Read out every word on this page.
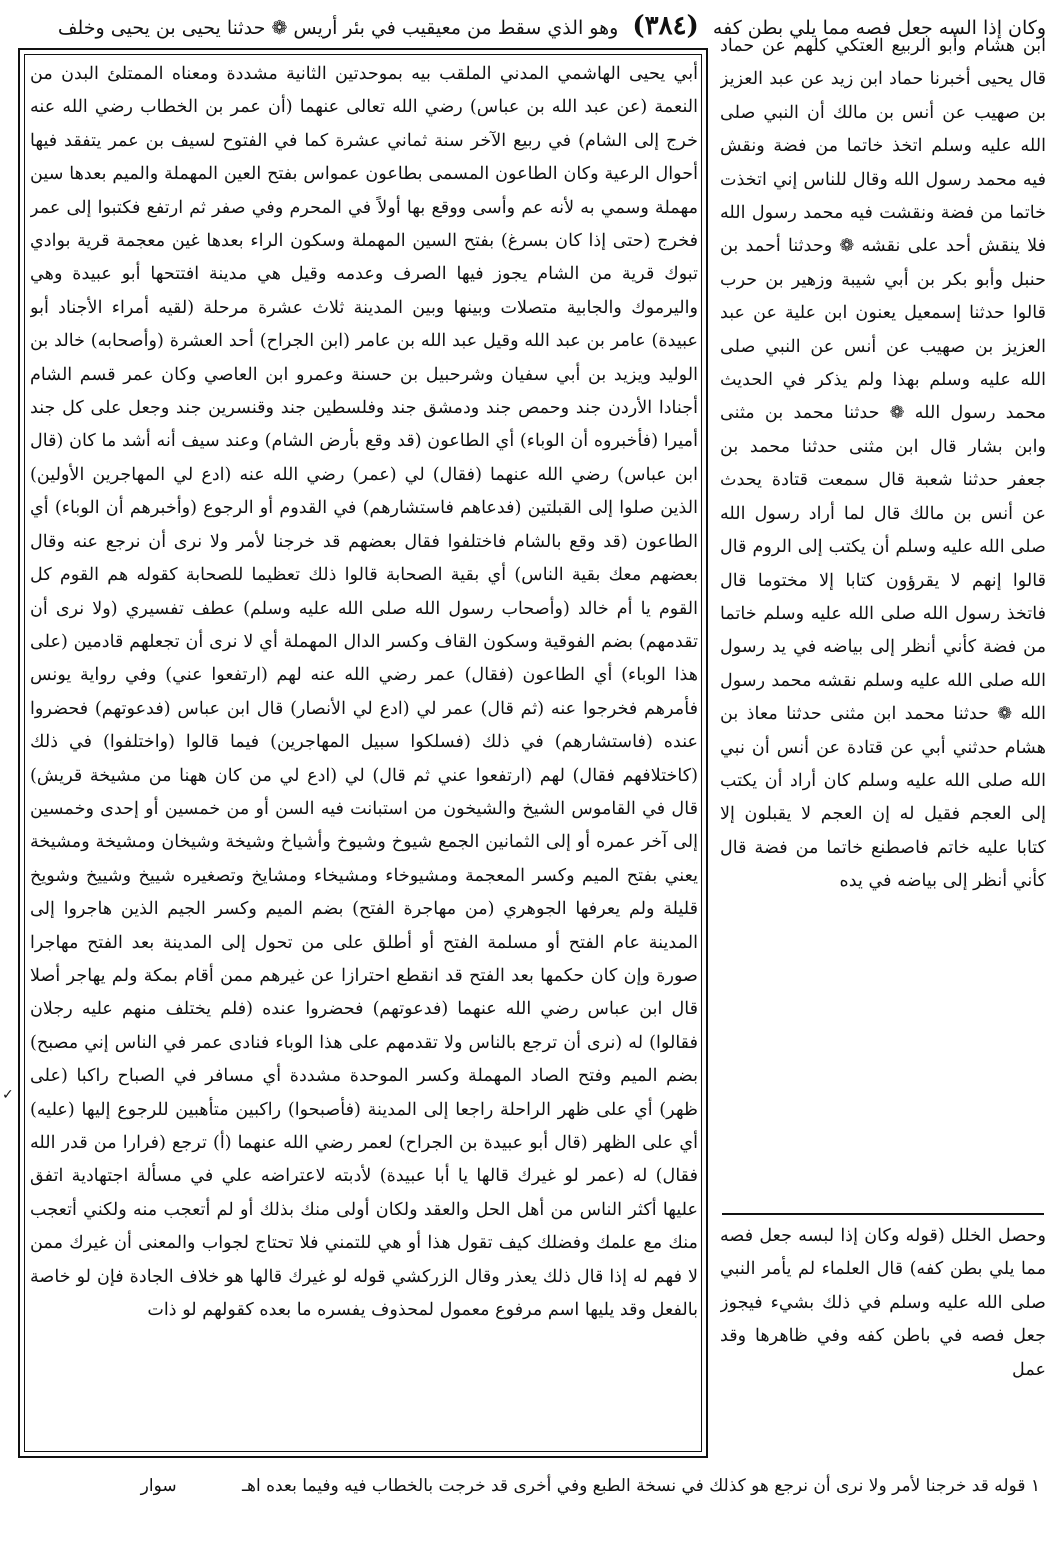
وكان إذا السه جعل فصه مما يلي بطن كفه (٣٨٤) وهو الذي سقط من معيقيب في بئر أريس ❁ حدثنا يحيى بن يحيى وخلف
أبي يحيى الهاشمي المدني الملقب بيه بموحدتين الثانية مشددة ومعناه الممتلئ البدن من النعمة (عن عبد الله بن عباس) رضي الله تعالى عنهما (أن عمر بن الخطاب رضي الله عنه خرج إلى الشام) في ربيع الآخر سنة ثماني عشرة كما في الفتوح لسيف بن عمر يتفقد فيها أحوال الرعية وكان الطاعون المسمى بطاعون عمواس بفتح العين المهملة والميم بعدها سين مهملة وسمي به لأنه عم وأسى ووقع بها أولاً في المحرم وفي صفر ثم ارتفع فكتبوا إلى عمر فخرج (حتى إذا كان بسرغ) بفتح السين المهملة وسكون الراء بعدها غين معجمة قرية بوادي تبوك قرية من الشام يجوز فيها الصرف وعدمه وقيل هي مدينة افتتحها أبو عبيدة وهي واليرموك والجابية متصلات وبينها وبين المدينة ثلاث عشرة مرحلة (لقيه أمراء الأجناد أبو عبيدة) عامر بن عبد الله وقيل عبد الله بن عامر (ابن الجراح) أحد العشرة (وأصحابه) خالد بن الوليد ويزيد بن أبي سفيان وشرحبيل بن حسنة وعمرو ابن العاصي وكان عمر قسم الشام أجنادا الأردن جند وحمص جند ودمشق جند وفلسطين جند وقنسرين جند وجعل على كل جند أميرا (فأخبروه أن الوباء) أي الطاعون (قد وقع بأرض الشام) وعند سيف أنه أشد ما كان (قال ابن عباس) رضي الله عنهما (فقال) لي (عمر) رضي الله عنه (ادع لي المهاجرين الأولين) الذين صلوا إلى القبلتين (فدعاهم فاستشارهم) في القدوم أو الرجوع (وأخبرهم أن الوباء) أي الطاعون (قد وقع بالشام فاختلفوا فقال بعضهم قد خرجنا لأمر ولا نرى أن نرجع عنه وقال بعضهم معك بقية الناس) أي بقية الصحابة قالوا ذلك تعظيما للصحابة كقوله هم القوم كل القوم يا أم خالد (وأصحاب رسول الله صلى الله عليه وسلم) عطف تفسيري (ولا نرى أن تقدمهم) بضم الفوقية وسكون القاف وكسر الدال المهملة أي لا نرى أن تجعلهم قادمين (على هذا الوباء) أي الطاعون (فقال) عمر رضي الله عنه لهم (ارتفعوا عني) وفي رواية يونس فأمرهم فخرجوا عنه (ثم قال) عمر لي (ادع لي الأنصار) قال ابن عباس (فدعوتهم) فحضروا عنده (فاستشارهم) في ذلك (فسلكوا سبيل المهاجرين) فيما قالوا (واختلفوا) في ذلك (كاختلافهم فقال) لهم (ارتفعوا عني ثم قال) لي (ادع لي من كان ههنا من مشيخة قريش) قال في القاموس الشيخ والشيخون من استبانت فيه السن أو من خمسين أو إحدى وخمسين إلى آخر عمره أو إلى الثمانين الجمع شيوخ وشيوخ وأشياخ وشيخة وشيخان ومشيخة ومشيخة يعني بفتح الميم وكسر المعجمة ومشيوخاء ومشيخاء ومشايخ وتصغيره شييخ وشييخ وشويخ قليلة ولم يعرفها الجوهري (من مهاجرة الفتح) بضم الميم وكسر الجيم الذين هاجروا إلى المدينة عام الفتح أو مسلمة الفتح أو أطلق على من تحول إلى المدينة بعد الفتح مهاجرا صورة وإن كان حكمها بعد الفتح قد انقطع احترازا عن غيرهم ممن أقام بمكة ولم يهاجر أصلا قال ابن عباس رضي الله عنهما (فدعوتهم) فحضروا عنده (فلم يختلف منهم عليه رجلان فقالوا) له (نرى أن ترجع بالناس ولا تقدمهم على هذا الوباء فنادى عمر في الناس إني مصبح) بضم الميم وفتح الصاد المهملة وكسر الموحدة مشددة أي مسافر في الصباح راكبا (على ظهر) أي على ظهر الراحلة راجعا إلى المدينة (فأصبحوا) راكبين متأهبين للرجوع إليها (عليه) أي على الظهر (قال أبو عبيدة بن الجراح) لعمر رضي الله عنهما (أ) ترجع (فرارا من قدر الله فقال) له (عمر لو غيرك قالها يا أبا عبيدة) لأدبته لاعتراضه علي في مسألة اجتهادية اتفق عليها أكثر الناس من أهل الحل والعقد ولكان أولى منك بذلك أو لم أتعجب منه ولكني أتعجب منك مع علمك وفضلك كيف تقول هذا أو هي للتمني فلا تحتاج لجواب والمعنى أن غيرك ممن لا فهم له إذا قال ذلك يعذر وقال الزركشي قوله لو غيرك قالها هو خلاف الجادة فإن لو خاصة بالفعل وقد يليها اسم مرفوع معمول لمحذوف يفسره ما بعده كقولهم لو ذات
ابن هشام وأبو الربيع العتكي كلهم عن حماد قال يحيى أخبرنا حماد ابن زيد عن عبد العزيز بن صهيب عن أنس بن مالك أن النبي صلى الله عليه وسلم اتخذ خاتما من فضة ونقش فيه محمد رسول الله وقال للناس إني اتخذت خاتما من فضة ونقشت فيه محمد رسول الله فلا ينقش أحد على نقشه ❁ وحدثنا أحمد بن حنبل وأبو بكر بن أبي شيبة وزهير بن حرب قالوا حدثنا إسمعيل يعنون ابن علية عن عبد العزيز بن صهيب عن أنس عن النبي صلى الله عليه وسلم بهذا ولم يذكر في الحديث محمد رسول الله ❁ حدثنا محمد بن مثنى وابن بشار قال ابن مثنى حدثنا محمد بن جعفر حدثنا شعبة قال سمعت قتادة يحدث عن أنس بن مالك قال لما أراد رسول الله صلى الله عليه وسلم أن يكتب إلى الروم قال قالوا إنهم لا يقرؤون كتابا إلا مختوما قال فاتخذ رسول الله صلى الله عليه وسلم خاتما من فضة كأني أنظر إلى بياضه في يد رسول الله صلى الله عليه وسلم نقشه محمد رسول الله ❁ حدثنا محمد ابن مثنى حدثنا معاذ بن هشام حدثني أبي عن قتادة عن أنس أن نبي الله صلى الله عليه وسلم كان أراد أن يكتب إلى العجم فقيل له إن العجم لا يقبلون إلا كتابا عليه خاتم فاصطنع خاتما من فضة قال كأني أنظر إلى بياضه في يده
وحصل الخلل (قوله وكان إذا لبسه جعل فصه مما يلي بطن كفه) قال العلماء لم يأمر النبي صلى الله عليه وسلم في ذلك بشيء فيجوز جعل فصه في باطن كفه وفي ظاهرها وقد عمل
١ قوله قد خرجنا لأمر ولا نرى أن نرجع هو كذلك في نسخة الطبع وفي أخرى قد خرجت بالخطاب فيه وفيما بعده اهـ سوار
✓
